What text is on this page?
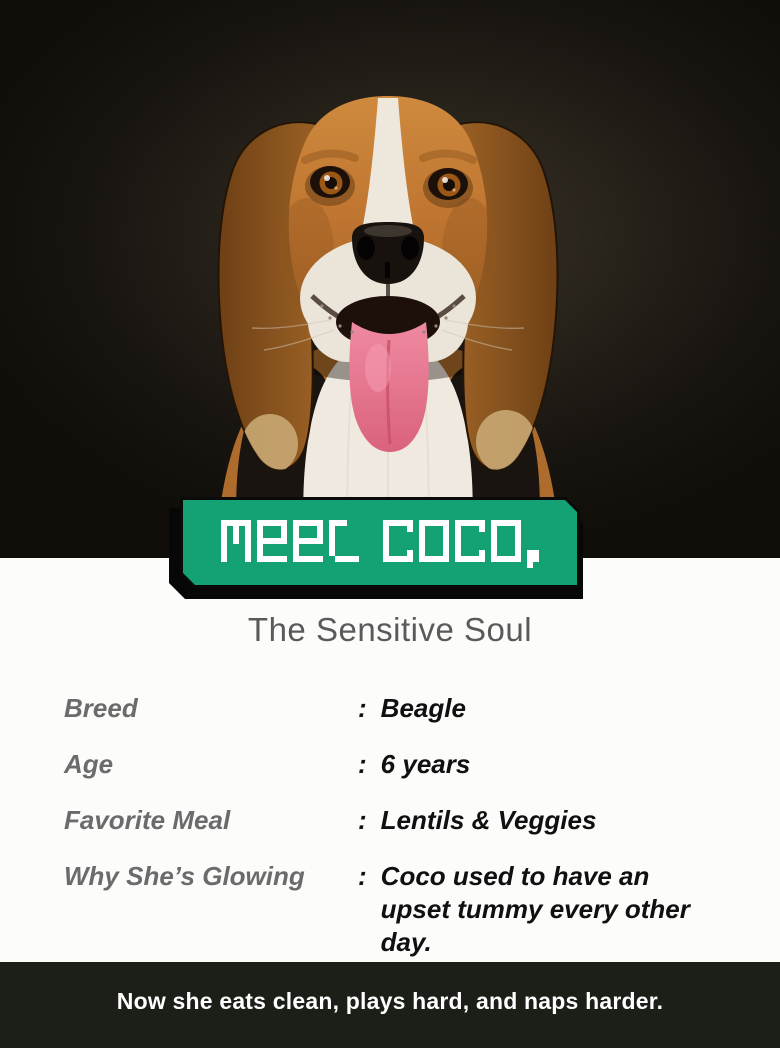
The Sensitive Soul
Breed	: Beagle
Age	: 6 years
Favorite Meal	: Lentils & Veggies
Why She’s Glowing	: Coco used to have an upset tummy every other day.
Now she eats clean, plays hard, and naps harder.
